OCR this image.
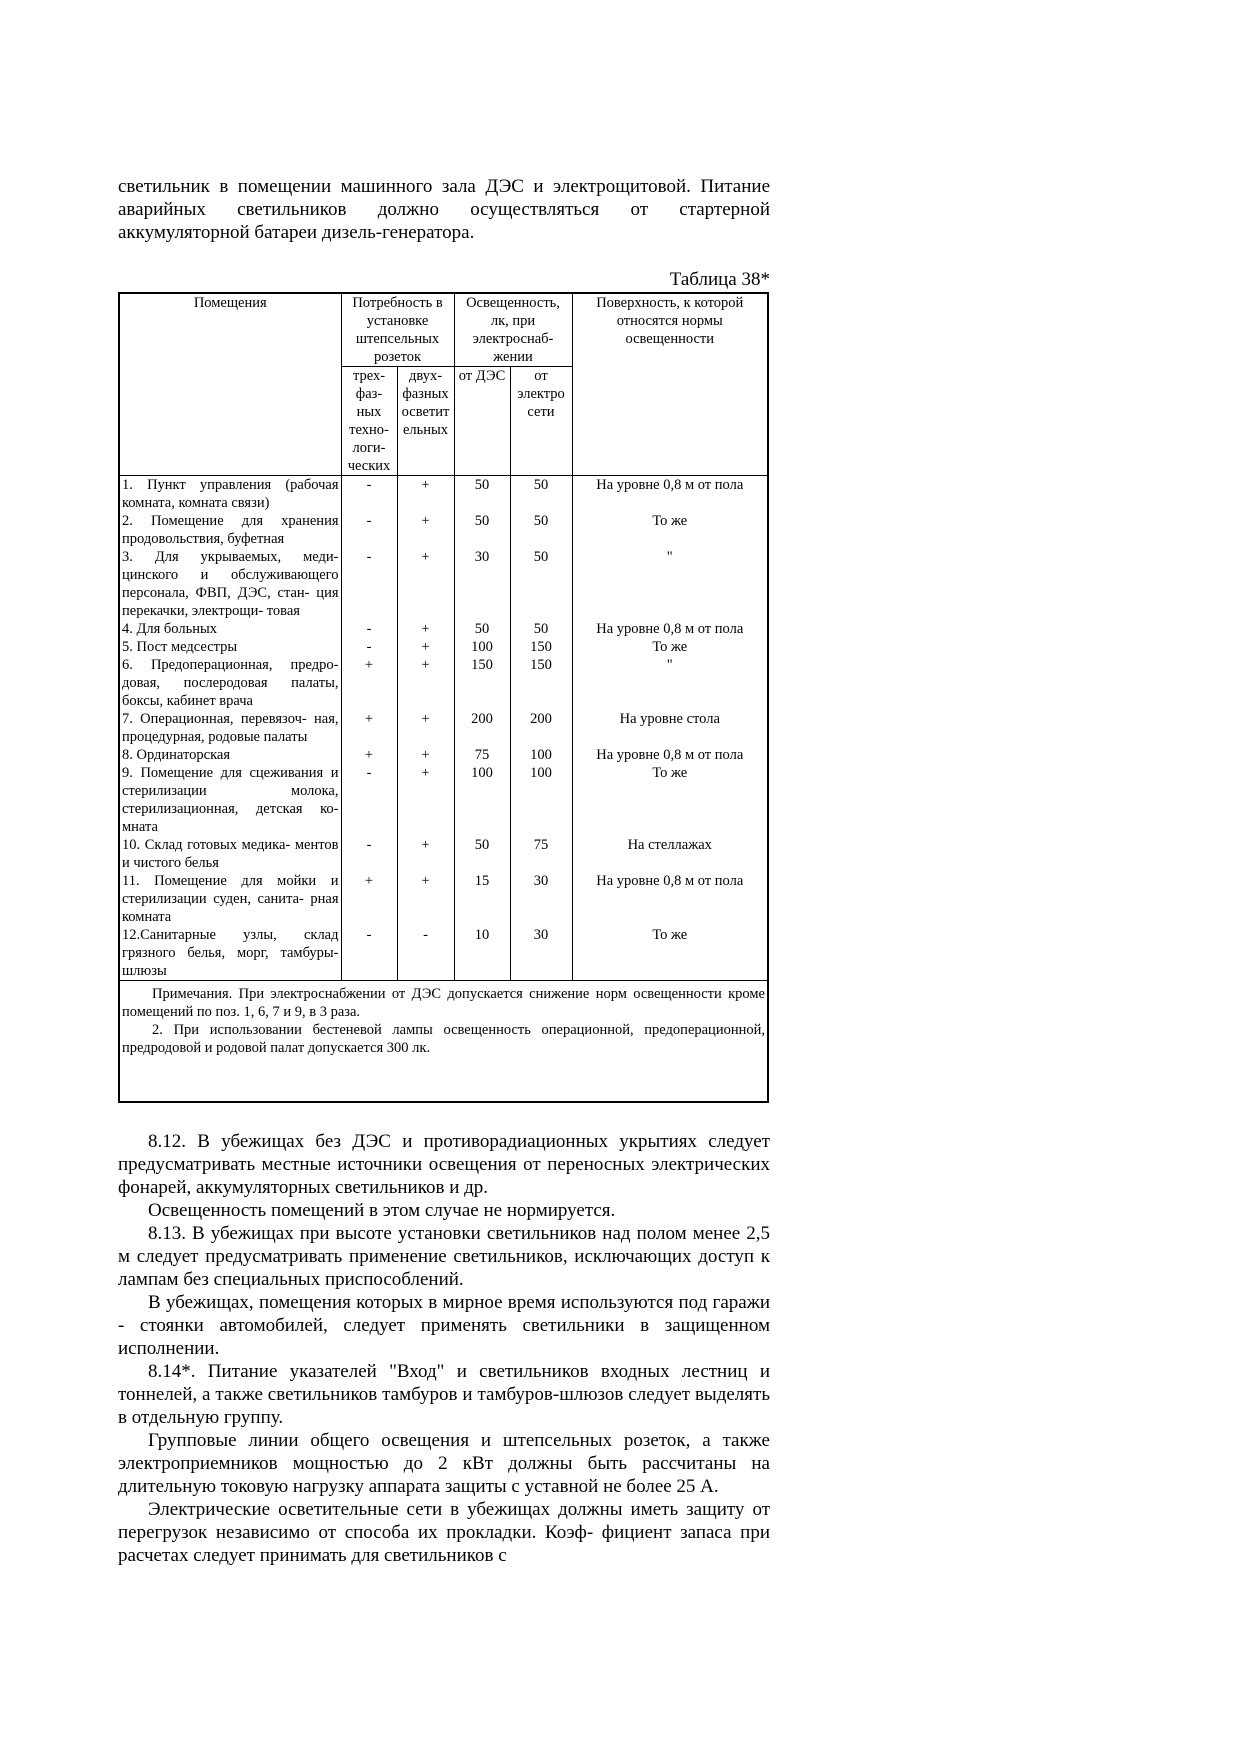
светильник в помещении машинного зала ДЭС и электрощитовой. Питание аварийных светильников должно осуществляться от стартерной аккумуляторной батареи дизель-генератора.

Таблица 38*
Помещения	Потребность в установке штепсельных розеток		Освещенность, лк, при электроснаб- жении		Поверхность, к которой относятся нормы освещенности
	трех- фаз- ных техно- логи- ческих	двух- фазных осветит ельных	от ДЭС	от электро сети	
1. Пункт управления (рабочая комната, комната связи)	-	+	50	50	На уровне 0,8 м от пола
2. Помещение для хранения продовольствия, буфетная	-	+	50	50	То же
3. Для укрываемых, меди- цинского и обслуживающего персонала, ФВП, ДЭС, стан- ция перекачки, электрощи- товая	-	+	30	50	"
4. Для больных	-	+	50	50	На уровне 0,8 м от пола
5. Пост медсестры	-	+	100	150	То же
6. Предоперационная, предро- довая, послеродовая палаты, боксы, кабинет врача	+	+	150	150	"
7. Операционная, перевязоч- ная, процедурная, родовые палаты	+	+	200	200	На уровне стола
8. Ординаторская	+	+	75	100	На уровне 0,8 м от пола
9. Помещение для сцеживания и стерилизации молока, стерилизационная, детская ко- мната	-	+	100	100	То же
10. Склад готовых медика- ментов и чистого белья	-	+	50	75	На стеллажах
11. Помещение для мойки и стерилизации суден, санита- рная комната	+	+	15	30	На уровне 0,8 м от пола
12.Санитарные узлы, склад грязного белья, морг, тамбуры- шлюзы	-	-	10	30	То же

Примечания. При электроснабжении от ДЭС допускается снижение норм освещенности кроме помещений по поз. 1, 6, 7 и 9, в 3 раза.

2. При использовании бестеневой лампы освещенность операционной, предоперационной, предродовой и родовой палат допускается 300 лк.

8.12. В убежищах без ДЭС и противорадиационных укрытиях следует предусматривать местные источники освещения от переносных электрических фонарей, аккумуляторных светильников и др.

Освещенность помещений в этом случае не нормируется.

8.13. В убежищах при высоте установки светильников над полом менее 2,5 м следует предусматривать применение светильников, исключающих доступ к лампам без специальных приспособлений.

В убежищах, помещения которых в мирное время используются под гаражи - стоянки автомобилей, следует применять светильники в защищенном исполнении.

8.14*. Питание указателей "Вход" и светильников входных лестниц и тоннелей, а также светильников тамбуров и тамбуров-шлюзов следует выделять в отдельную группу.

Групповые линии общего освещения и штепсельных розеток, а также электроприемников мощностью до 2 кВт должны быть рассчитаны на длительную токовую нагрузку аппарата защиты с уставной не более 25 А.

Электрические осветительные сети в убежищах должны иметь защиту от перегрузок независимо от способа их прокладки. Коэф- фициент запаса при расчетах следует принимать для светильников с
